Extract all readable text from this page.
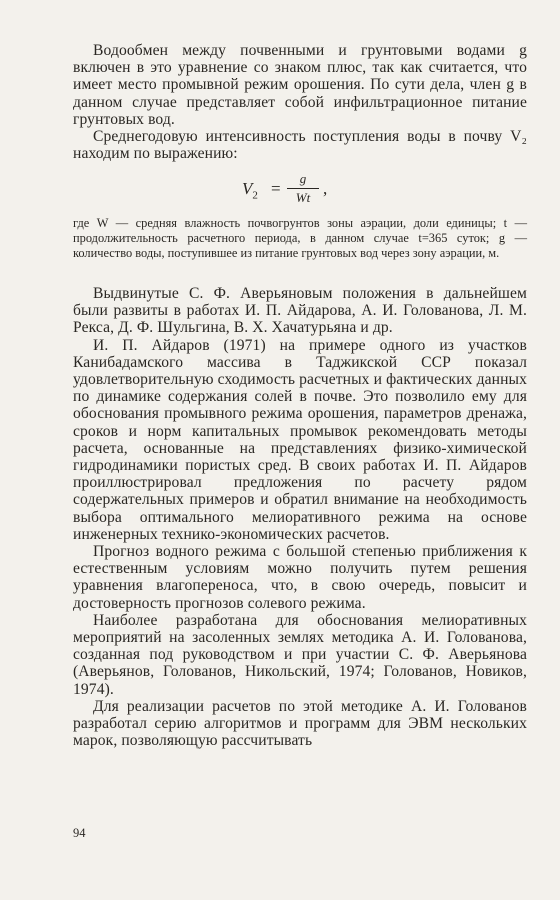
Водообмен между почвенными и грунтовыми водами g включен в это уравнение со знаком плюс, так как считается, что имеет место промывной режим орошения. По сути дела, член g в данном случае представляет собой инфильтрационное питание грунтовых вод.

Среднегодовую интенсивность поступления воды в почву V₂ находим по выражению:

$V_2$ =
g
Wt ,

где W — средняя влажность почвогрунтов зоны аэрации, доли единицы; t — продолжительность расчетного периода, в данном случае t=365 суток; g — количество воды, поступившее из питание грунтовых вод через зону аэрации, м.

Выдвинутые С. Ф. Аверьяновым положения в дальнейшем были развиты в работах И. П. Айдарова, А. И. Голованова, Л. М. Рекса, Д. Ф. Шульгина, В. Х. Хачатурьяна и др.

И. П. Айдаров (1971) на примере одного из участков Канибадамского массива в Таджикской ССР показал удовлетворительную сходимость расчетных и фактических данных по динамике содержания солей в почве. Это позволило ему для обоснования промывного режима орошения, параметров дренажа, сроков и норм капитальных промывок рекомендовать методы расчета, основанные на представлениях физико-химической гидродинамики пористых сред. В своих работах И. П. Айдаров проиллюстрировал предложения по расчету рядом содержательных примеров и обратил внимание на необходимость выбора оптимального мелиоративного режима на основе инженерных технико-экономических расчетов.

Прогноз водного режима с большой степенью приближения к естественным условиям можно получить путем решения уравнения влагопереноса, что, в свою очередь, повысит и достоверность прогнозов солевого режима.

Наиболее разработана для обоснования мелиоративных мероприятий на засоленных землях методика А. И. Голованова, созданная под руководством и при участии С. Ф. Аверьянова (Аверьянов, Голованов, Никольский, 1974; Голованов, Новиков, 1974).

Для реализации расчетов по этой методике А. И. Голованов разработал серию алгоритмов и программ для ЭВМ нескольких марок, позволяющую рассчитывать

94
